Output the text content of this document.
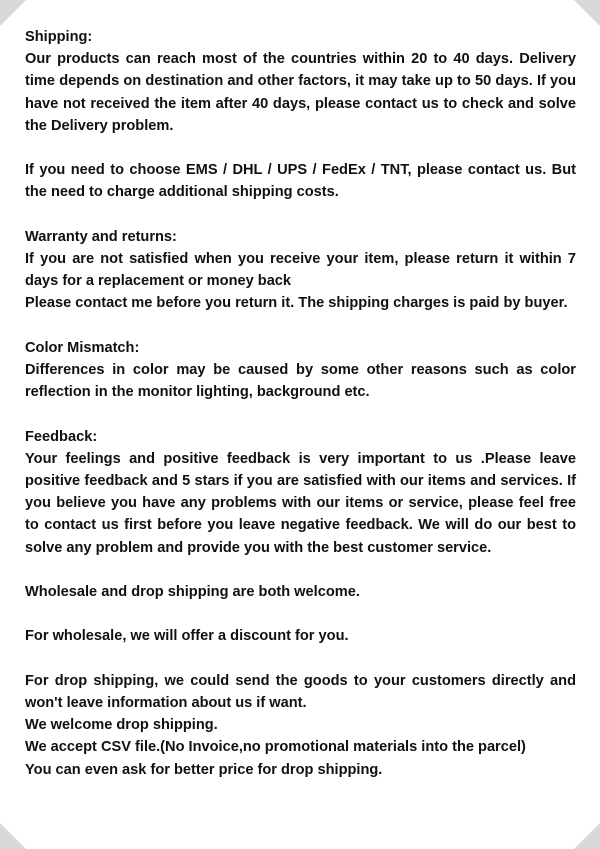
Shipping:
Our products can reach most of the countries within 20 to 40 days. Delivery time depends on destination and other factors, it may take up to 50 days. If you have not received the item after 40 days, please contact us to check and solve the Delivery problem.

If you need to choose EMS / DHL / UPS / FedEx / TNT, please contact us. But the need to charge additional shipping costs.

Warranty and returns:
If you are not satisfied when you receive your item, please return it within 7 days for a replacement or money back
Please contact me before you return it. The shipping charges is paid by buyer.

Color Mismatch:
Differences in color may be caused by some other reasons such as color reflection in the monitor lighting, background etc.

Feedback:
Your feelings and positive feedback is very important to us .Please leave positive feedback and 5 stars if you are satisfied with our items and services. If you believe you have any problems with our items or service, please feel free to contact us first before you leave negative feedback. We will do our best to solve any problem and provide you with the best customer service.

Wholesale and drop shipping are both welcome.

For wholesale, we will offer a discount for you.

For drop shipping, we could send the goods to your customers directly and won't leave information about us if want.
We welcome drop shipping.
We accept CSV file.(No Invoice,no promotional materials into the parcel)
You can even ask for better price for drop shipping.
